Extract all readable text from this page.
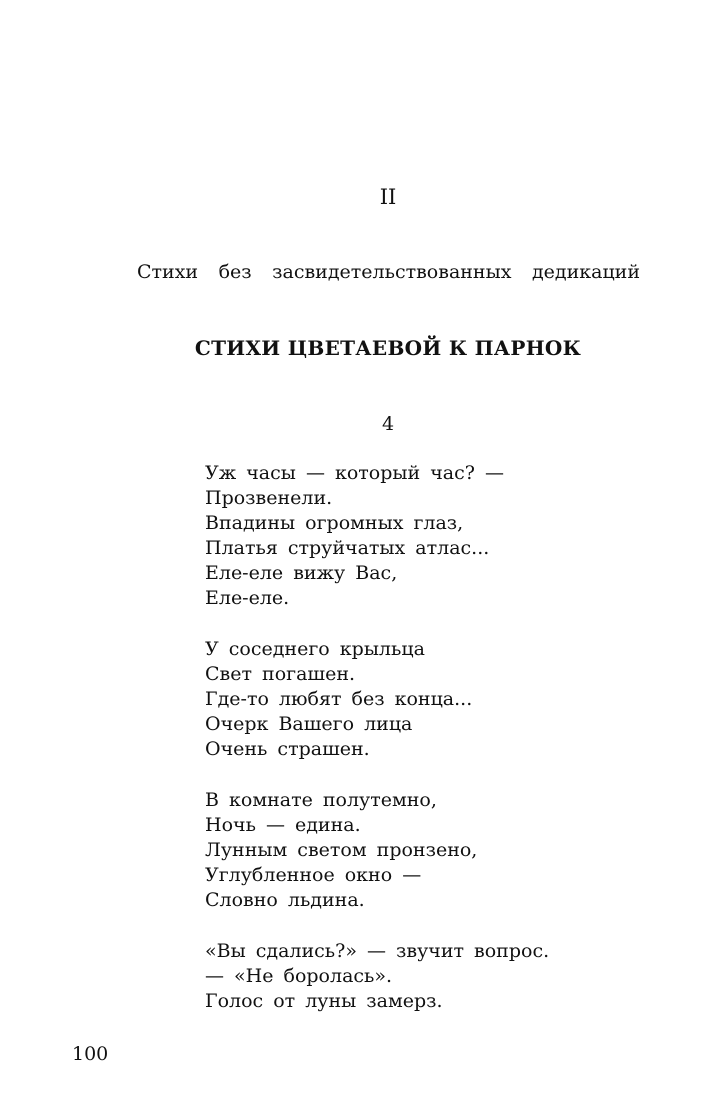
II
Стихи без засвидетельствованных дедикаций
СТИХИ ЦВЕТАЕВОЙ К ПАРНОК
4
Уж часы — который час? —
Прозвенели.
Впадины огромных глаз,
Платья струйчатых атлас...
Еле-еле вижу Вас,
Еле-еле.
У соседнего крыльца
Свет погашен.
Где-то любят без конца...
Очерк Вашего лица
Очень страшен.
В комнате полутемно,
Ночь — едина.
Лунным светом пронзено,
Углубленное окно —
Словно льдина.
«Вы сдались?» — звучит вопрос.
— «Не боролась».
Голос от луны замерз.
100
